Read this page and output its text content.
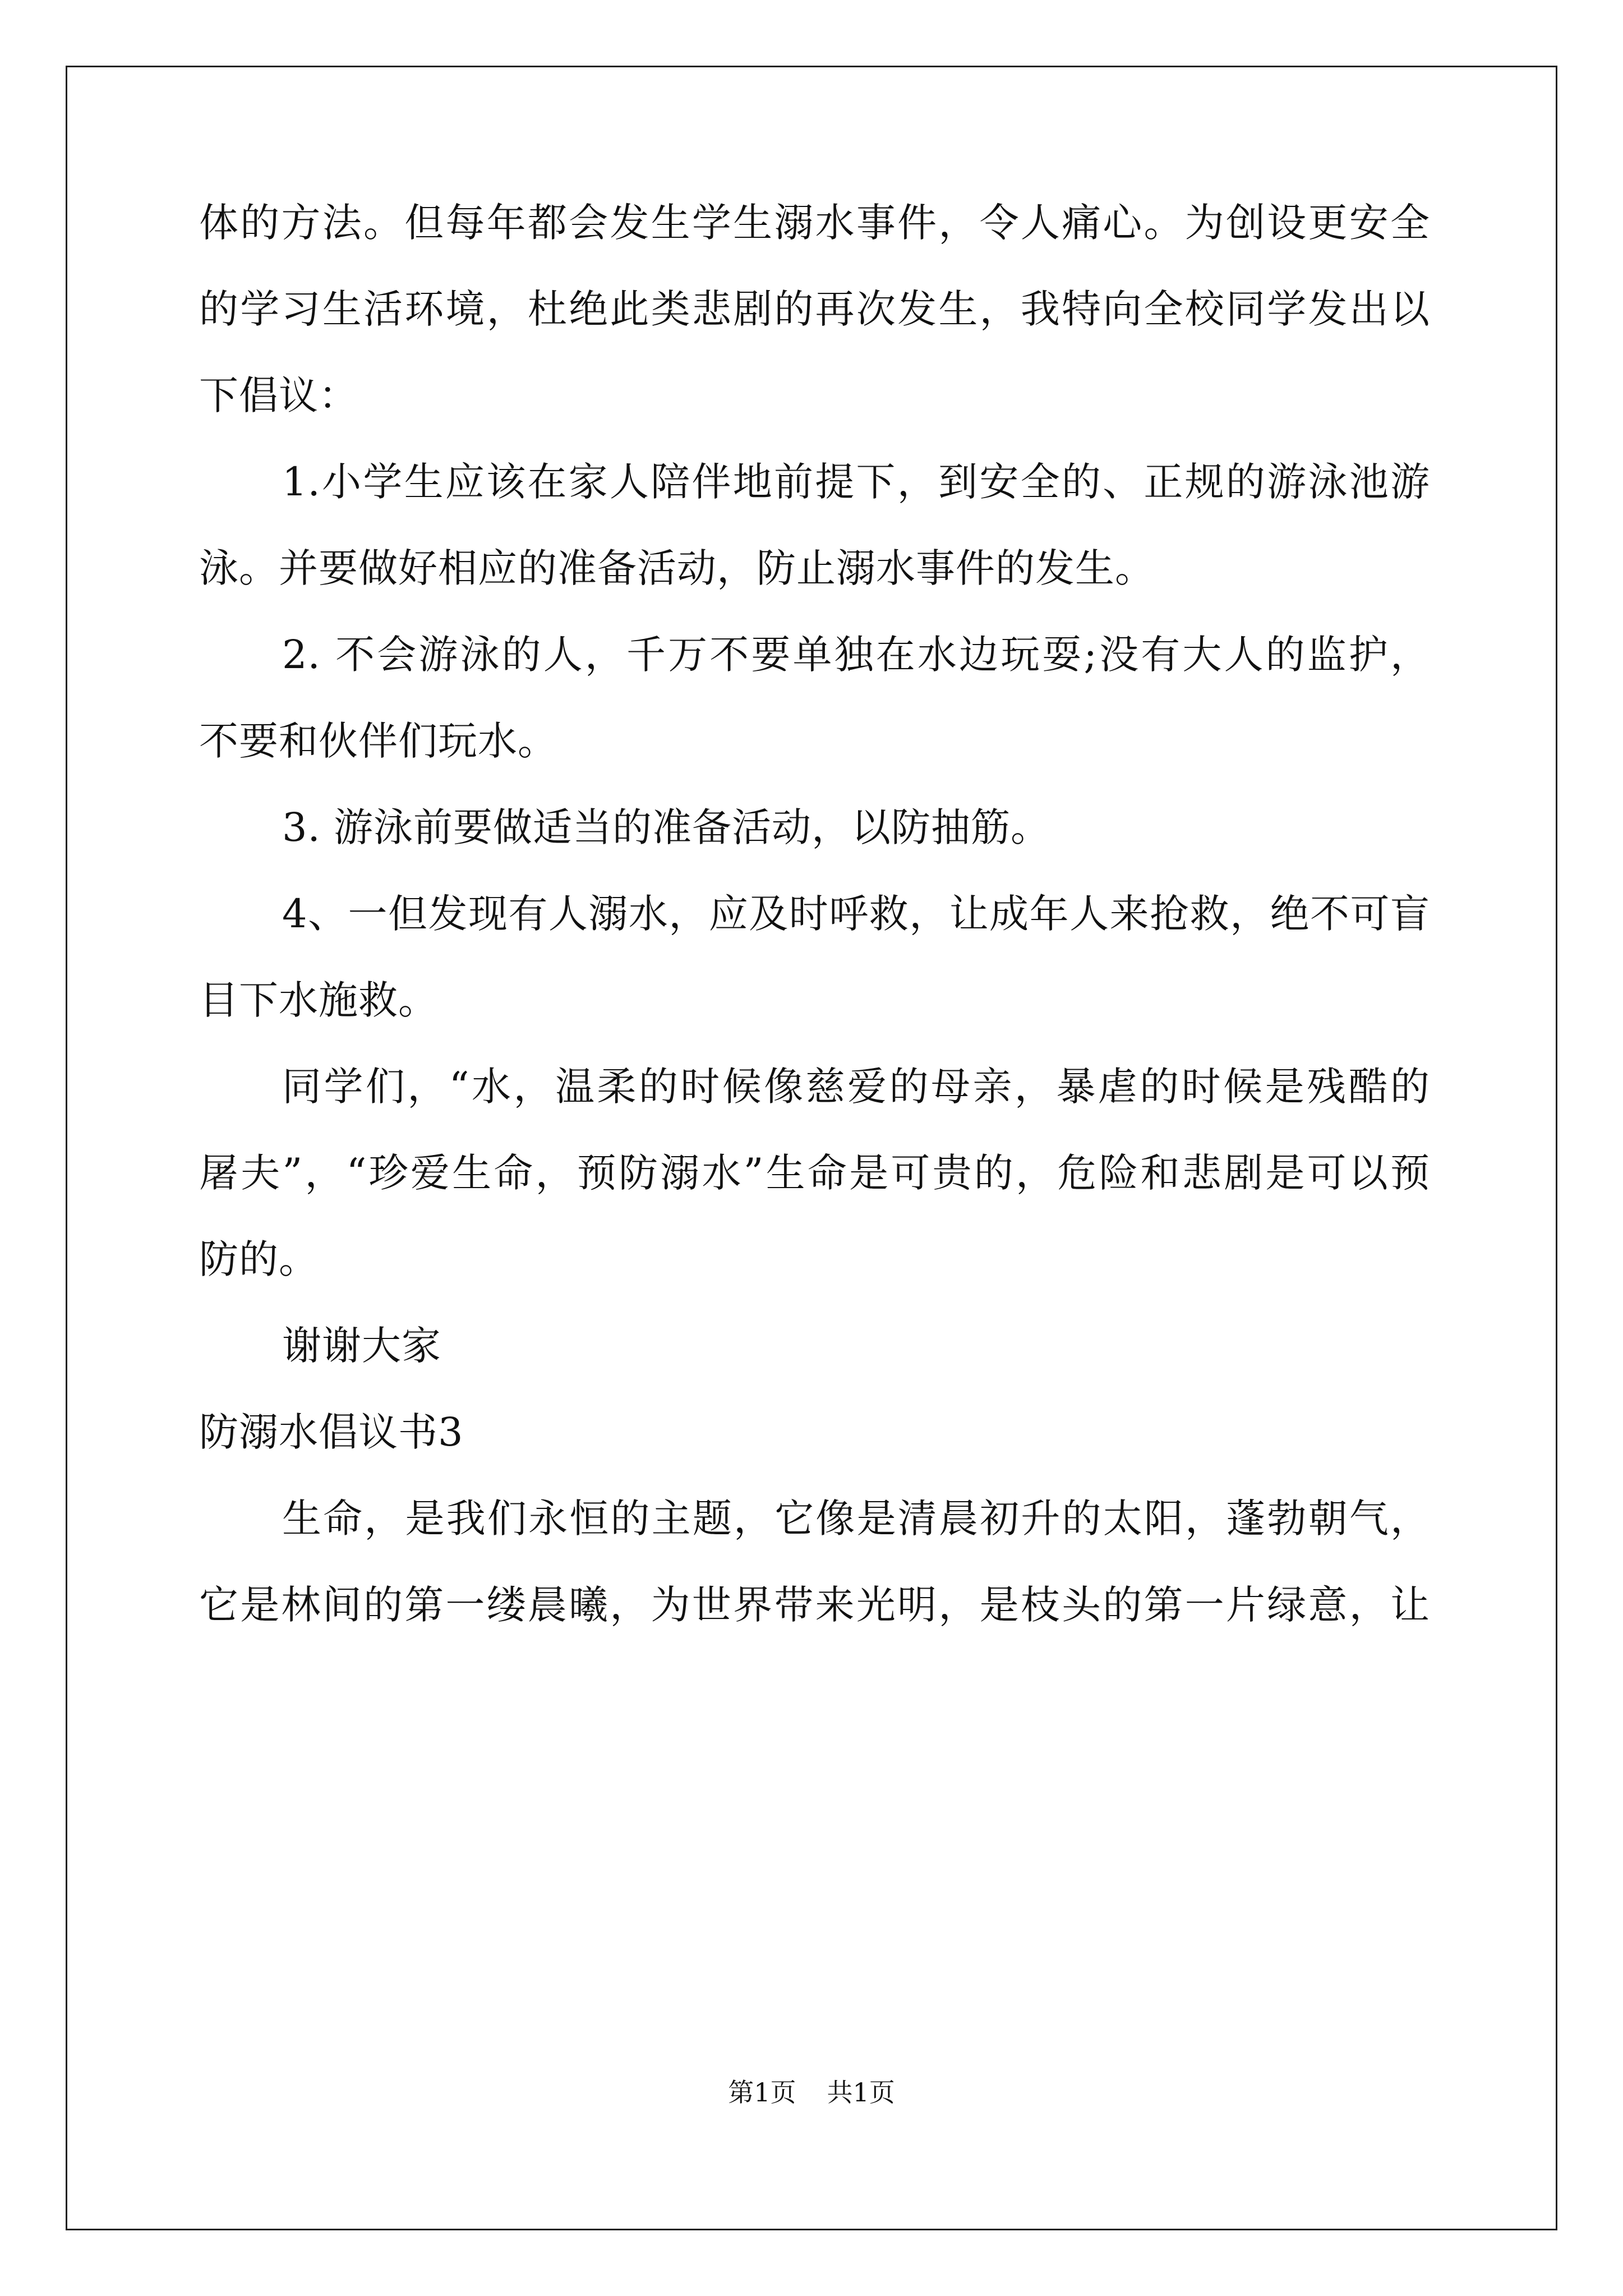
体的方法。但每年都会发生学生溺水事件，令人痛心。为创设更安全
的学习生活环境，杜绝此类悲剧的再次发生，我特向全校同学发出以
下倡议：
1.小学生应该在家人陪伴地前提下，到安全的、正规的游泳池游
泳。并要做好相应的准备活动，防止溺水事件的发生。
2. 不会游泳的人，千万不要单独在水边玩耍;没有大人的监护，
不要和伙伴们玩水。
3. 游泳前要做适当的准备活动，以防抽筋。
4、一但发现有人溺水，应及时呼救，让成年人来抢救，绝不可盲
目下水施救。
同学们，“水，温柔的时候像慈爱的母亲，暴虐的时候是残酷的
屠夫”，“珍爱生命，预防溺水”生命是可贵的，危险和悲剧是可以预
防的。
谢谢大家
防溺水倡议书3
生命，是我们永恒的主题，它像是清晨初升的太阳，蓬勃朝气，
它是林间的第一缕晨曦，为世界带来光明，是枝头的第一片绿意，让
第1页 共1页
